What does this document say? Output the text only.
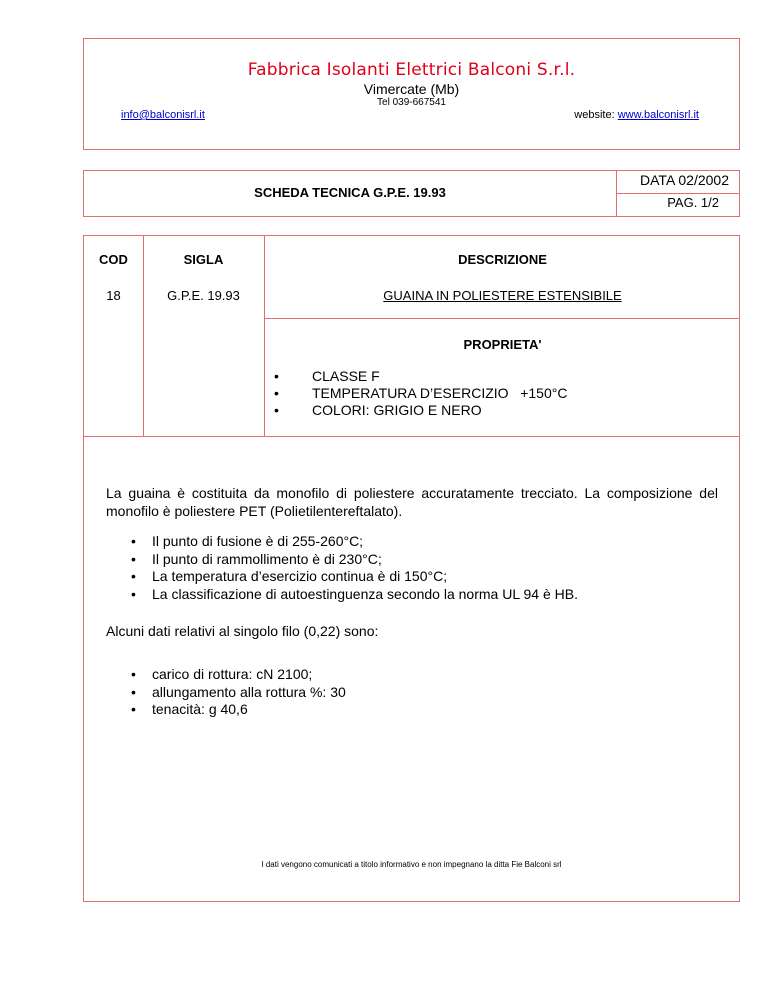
Fabbrica Isolanti Elettrici Balconi S.r.l.
Vimercate (Mb)
Tel 039-667541
info@balconisrl.it	website: www.balconisrl.it
SCHEDA TECNICA G.P.E. 19.93
DATA 02/2002
PAG. 1/2
COD	SIGLA	DESCRIZIONE
18	G.P.E. 19.93	GUAINA IN POLIESTERE ESTENSIBILE
PROPRIETA'
• CLASSE F
• TEMPERATURA D’ESERCIZIO   +150°C
• COLORI: GRIGIO E NERO
La guaina è costituita da monofilo di poliestere accuratamente trecciato. La composizione del monofilo è poliestere PET (Polietilentereftalato).
• Il punto di fusione è di 255-260°C;
• Il punto di rammollimento è di 230°C;
• La temperatura d’esercizio continua è di 150°C;
• La classificazione di autoestinguenza secondo la norma UL 94 è HB.
Alcuni dati relativi al singolo filo (0,22) sono:
• carico di rottura: cN 2100;
• allungamento alla rottura %: 30
• tenacità: g 40,6
I dati vengono comunicati a titolo informativo e non impegnano la ditta Fie Balconi srl
